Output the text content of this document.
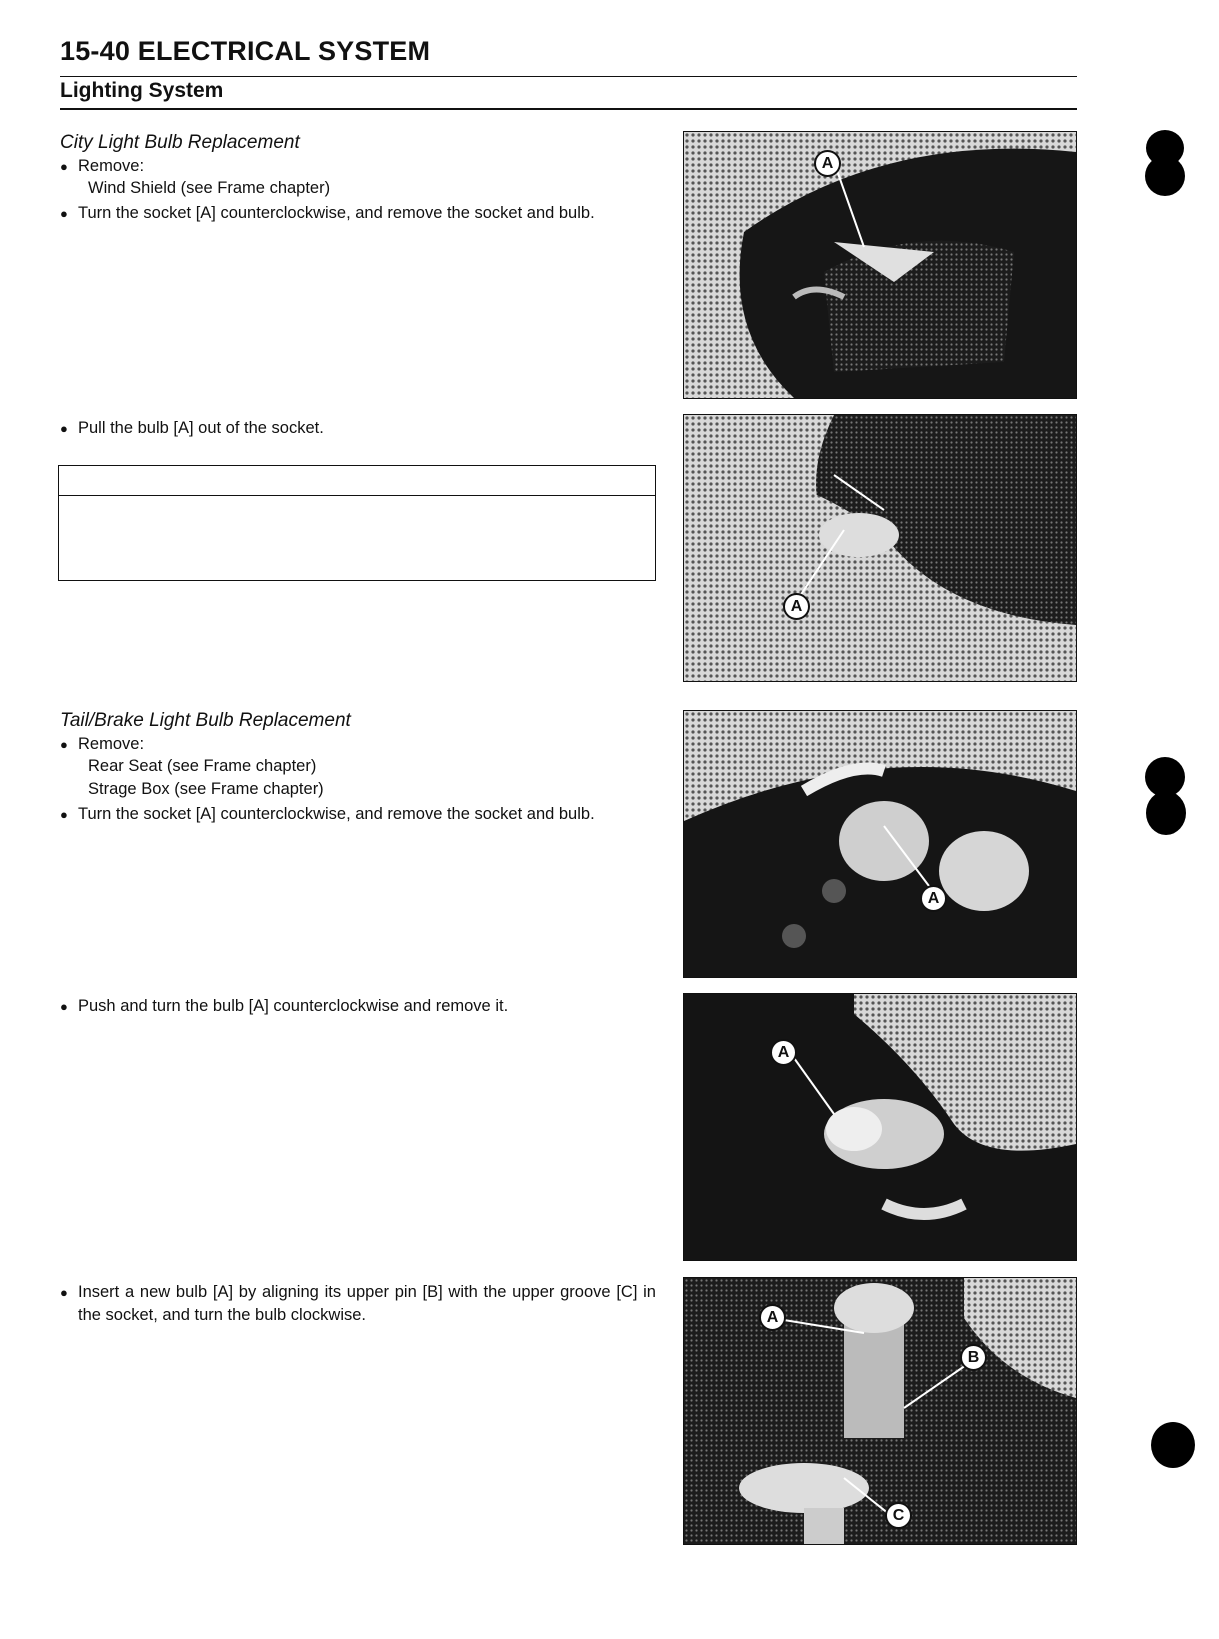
15-40 ELECTRICAL SYSTEM
Lighting System
City Light Bulb Replacement
● Remove:
Wind Shield (see Frame chapter)
● Turn the socket [A] counterclockwise, and remove the socket and bulb.
● Pull the bulb [A] out of the socket.
Tail/Brake Light Bulb Replacement
● Remove:
Rear Seat (see Frame chapter)
Strage Box (see Frame chapter)
● Turn the socket [A] counterclockwise, and remove the socket and bulb.
● Push and turn the bulb [A] counterclockwise and remove it.
● Insert a new bulb [A] by aligning its upper pin [B] with the upper groove [C] in the socket, and turn the bulb clockwise.
A
A
A
A
A
B
C
